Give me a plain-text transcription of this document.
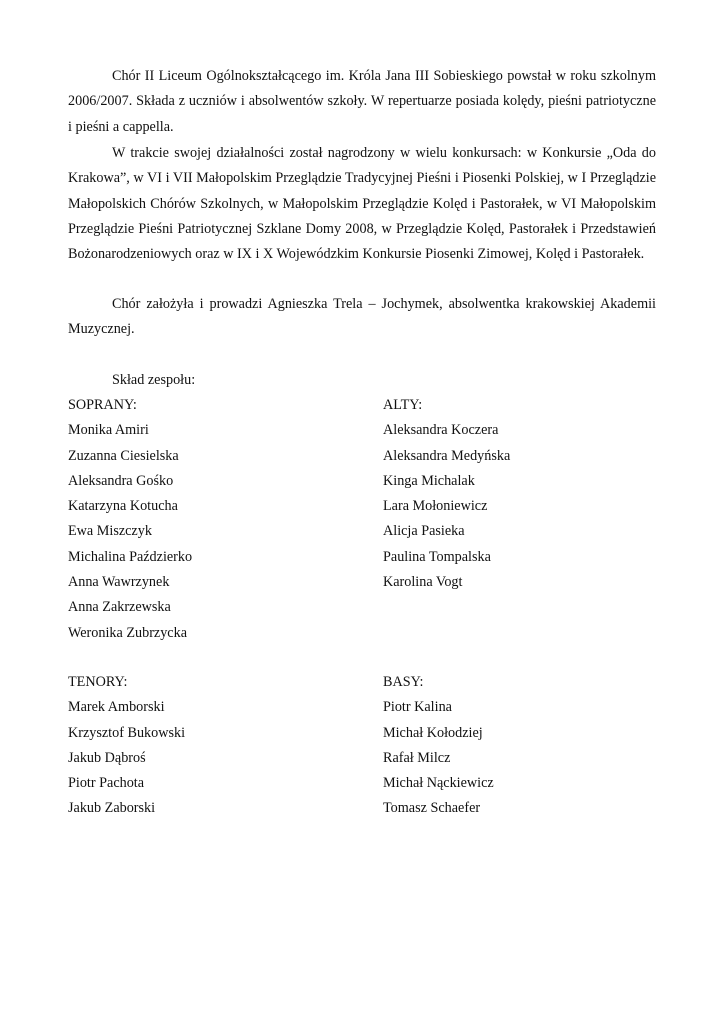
Chór II Liceum Ogólnokształcącego im. Króla Jana III Sobieskiego powstał w roku szkolnym 2006/2007. Składa z uczniów i absolwentów szkoły. W repertuarze posiada kolędy, pieśni patriotyczne i pieśni a cappella.

W trakcie swojej działalności został nagrodzony w wielu konkursach: w Konkursie „Oda do Krakowa”, w VI i VII Małopolskim Przeglądzie Tradycyjnej Pieśni i Piosenki Polskiej, w I Przeglądzie Małopolskich Chórów Szkolnych, w Małopolskim Przeglądzie Kolęd i Pastorałek, w VI Małopolskim Przeglądzie Pieśni Patriotycznej Szklane Domy 2008, w Przeglądzie Kolęd, Pastorałek i Przedstawień Bożonarodzeniowych oraz w IX i X Wojewódzkim Konkursie Piosenki Zimowej, Kolęd i Pastorałek.

Chór założyła i prowadzi Agnieszka Trela – Jochymek, absolwentka krakowskiej Akademii Muzycznej.

Skład zespołu:
SOPRANY:
Monika Amiri
Zuzanna Ciesielska
Aleksandra Gośko
Katarzyna Kotucha
Ewa Miszczyk
Michalina Paździerko
Anna Wawrzynek
Anna Zakrzewska
Weronika Zubrzycka
ALTY:
Aleksandra Koczera
Aleksandra Medyńska
Kinga Michalak
Lara Mołoniewicz
Alicja Pasieka
Paulina Tompalska
Karolina Vogt
TENORY:
Marek Amborski
Krzysztof Bukowski
Jakub Dąbroś
Piotr Pachota
Jakub Zaborski
BASY:
Piotr Kalina
Michał Kołodziej
Rafał Milcz
Michał Nąckiewicz
Tomasz Schaefer
